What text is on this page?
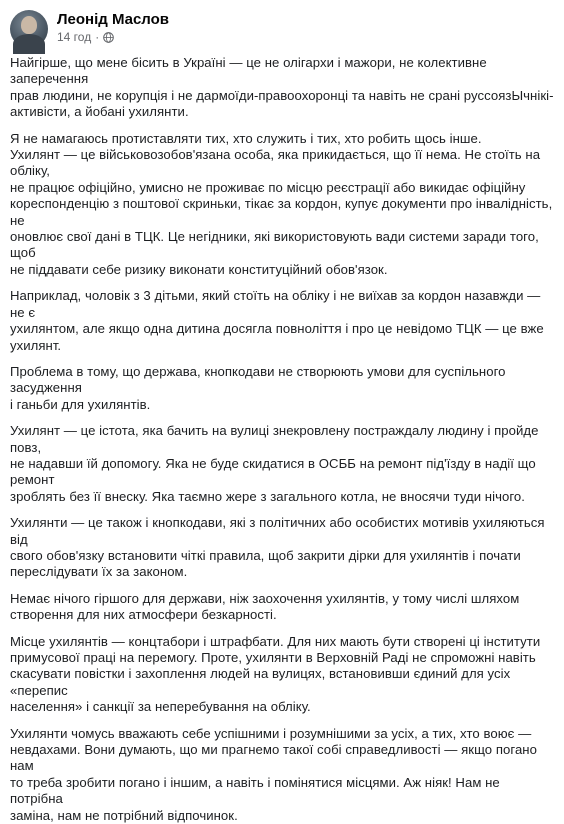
Леонід Маслов
14 год ·

Найгірше, що мене бісить в Україні — це не олігархи і мажори, не колективне заперечення
прав людини, не корупція і не дармоїди-правоохоронці та навіть не срані руссоязЫчнікі-
активісти, а йобані ухилянти.

Я не намагаюсь протиставляти тих, хто служить і тих, хто робить щось інше.
Ухилянт — це військовозобов'язана особа, яка прикидається, що її нема. Не стоїть на обліку,
не працює офіційно, умисно не проживає по місцю реєстрації або викидає офіційну
кореспонденцію з поштової скриньки, тікає за кордон, купує документи про інвалідність, не
оновлює свої дані в ТЦК. Це негідники, які використовують вади системи заради того, щоб
не піддавати себе ризику виконати конституційний обов'язок.

Наприклад, чоловік з 3 дітьми, який стоїть на обліку і не виїхав за кордон назавжди — не є
ухилянтом, але якщо одна дитина досягла повноліття і про це невідомо ТЦК — це вже
ухилянт.

Проблема в тому, що держава, кнопкодави не створюють умови для суспільного засудження
і ганьби для ухилянтів.

Ухилянт — це істота, яка бачить на вулиці знекровлену постраждалу людину і пройде повз,
не надавши їй допомогу. Яка не буде скидатися в ОСББ на ремонт під'їзду в надії що ремонт
зроблять без її внеску. Яка таємно жере з загального котла, не вносячи туди нічого.

Ухилянти — це також і кнопкодави, які з політичних або особистих мотивів ухиляються від
свого обов'язку встановити чіткі правила, щоб закрити дірки для ухилянтів і почати
переслідувати їх за законом.

Немає нічого гіршого для держави, ніж заохочення ухилянтів, у тому числі шляхом
створення для них атмосфери безкарності.

Місце ухилянтів — концтабори і штрафбати. Для них мають бути створені ці інститути
примусової праці на перемогу. Проте, ухилянти в Верховній Раді не спроможні навіть
скасувати повістки і захоплення людей на вулицях, встановивши єдиний для усіх «перепис
населення» і санкції за неперебування на обліку.

Ухилянти чомусь вважають себе успішними і розумнішими за усіх, а тих, хто воює —
невдахами. Вони думають, що ми прагнемо такої собі справедливості — якщо погано нам
то треба зробити погано і іншим, а навіть і помінятися місцями. Аж ніяк! Нам не потрібна
заміна, нам не потрібний відпочинок.
